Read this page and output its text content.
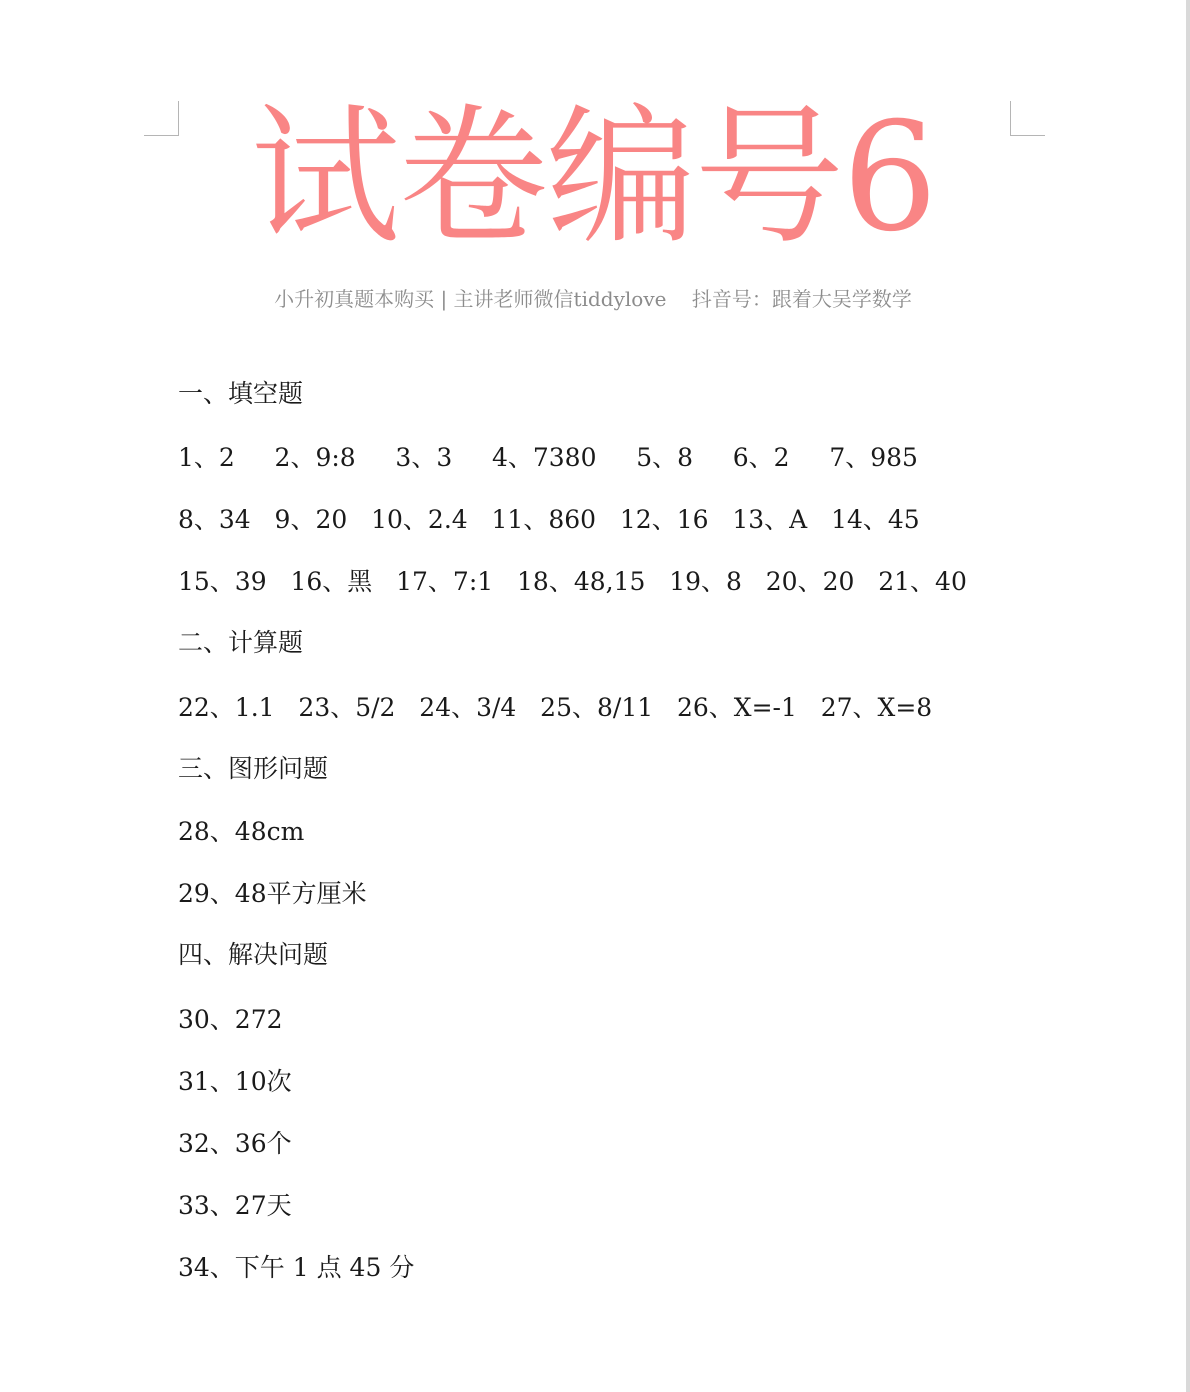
试卷编号6
小升初真题本购买 | 主讲老师微信tiddylove    抖音号：跟着大吴学数学
一、填空题
1、2     2、9:8     3、3     4、7380     5、8     6、2     7、985
8、34   9、20   10、2.4   11、860   12、16   13、A   14、45
15、39   16、黑   17、7:1   18、48,15   19、8   20、20   21、40
二、计算题
22、1.1   23、5/2   24、3/4   25、8/11   26、X=-1   27、X=8
三、图形问题
28、48cm
29、48平方厘米
四、解决问题
30、272
31、10次
32、36个
33、27天
34、下午 1 点 45 分
